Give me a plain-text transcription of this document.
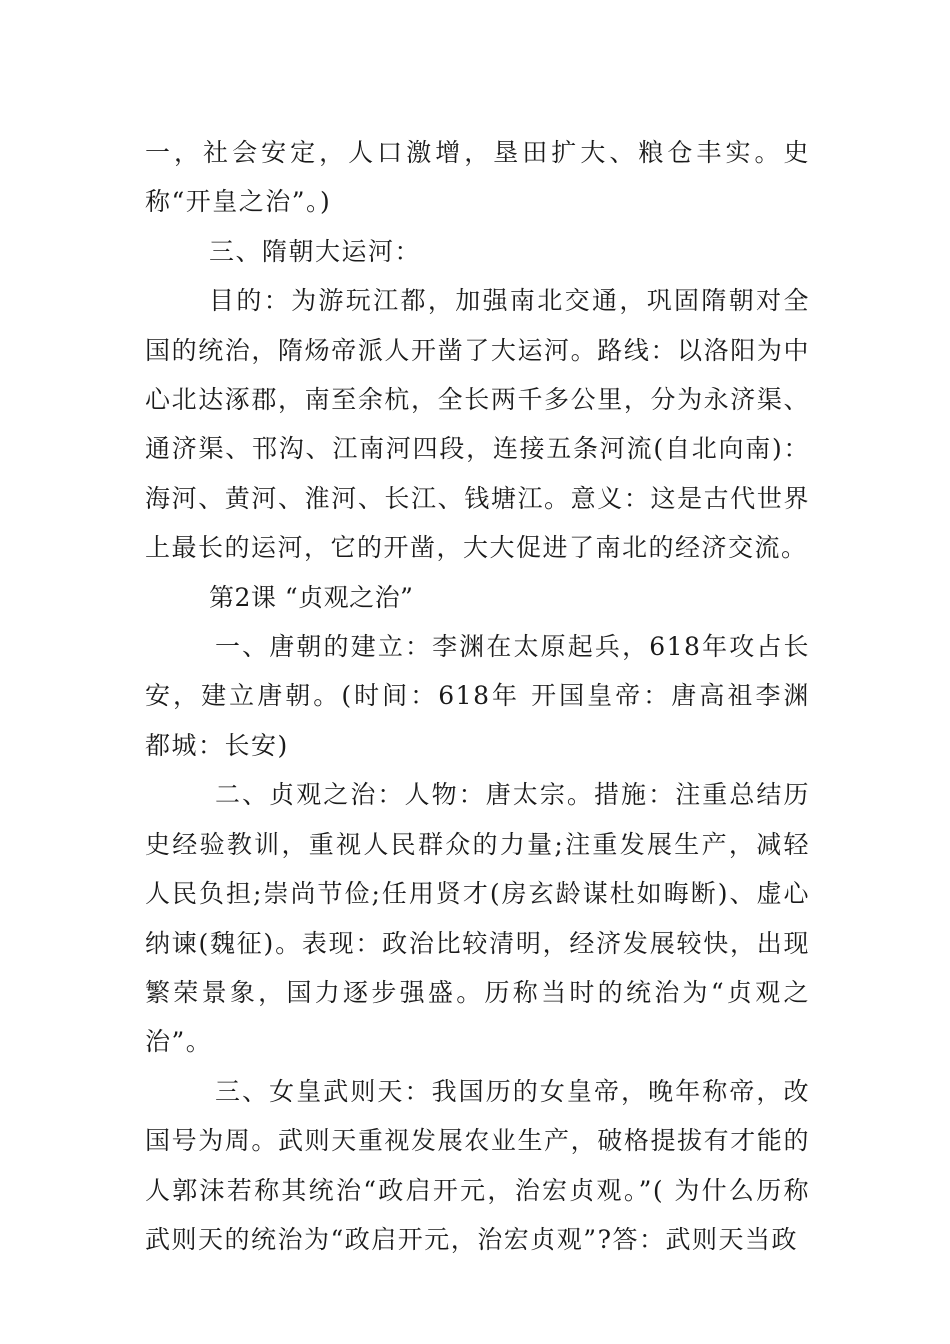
一，社会安定，人口激增，垦田扩大、粮仓丰实。史称“开皇之治”。)

三、隋朝大运河：

目的：为游玩江都，加强南北交通，巩固隋朝对全国的统治，隋炀帝派人开凿了大运河。路线：以洛阳为中心北达涿郡，南至余杭，全长两千多公里，分为永济渠、通济渠、邗沟、江南河四段，连接五条河流(自北向南)：海河、黄河、淮河、长江、钱塘江。意义：这是古代世界上最长的运河，它的开凿，大大促进了南北的经济交流。

第2课 “贞观之治”

一、唐朝的建立：李渊在太原起兵，618年攻占长安，建立唐朝。(时间：618年 开国皇帝：唐高祖李渊 都城：长安)

二、贞观之治：人物：唐太宗。措施：注重总结历史经验教训，重视人民群众的力量;注重发展生产，减轻人民负担;崇尚节俭;任用贤才(房玄龄谋杜如晦断)、虚心纳谏(魏征)。表现：政治比较清明，经济发展较快，出现繁荣景象，国力逐步强盛。历称当时的统治为“贞观之治”。

三、女皇武则天：我国历的女皇帝，晚年称帝，改国号为周。武则天重视发展农业生产，破格提拔有才能的人郭沫若称其统治“政启开元，治宏贞观。”( 为什么历称武则天的统治为“政启开元，治宏贞观”?答：武则天当政
